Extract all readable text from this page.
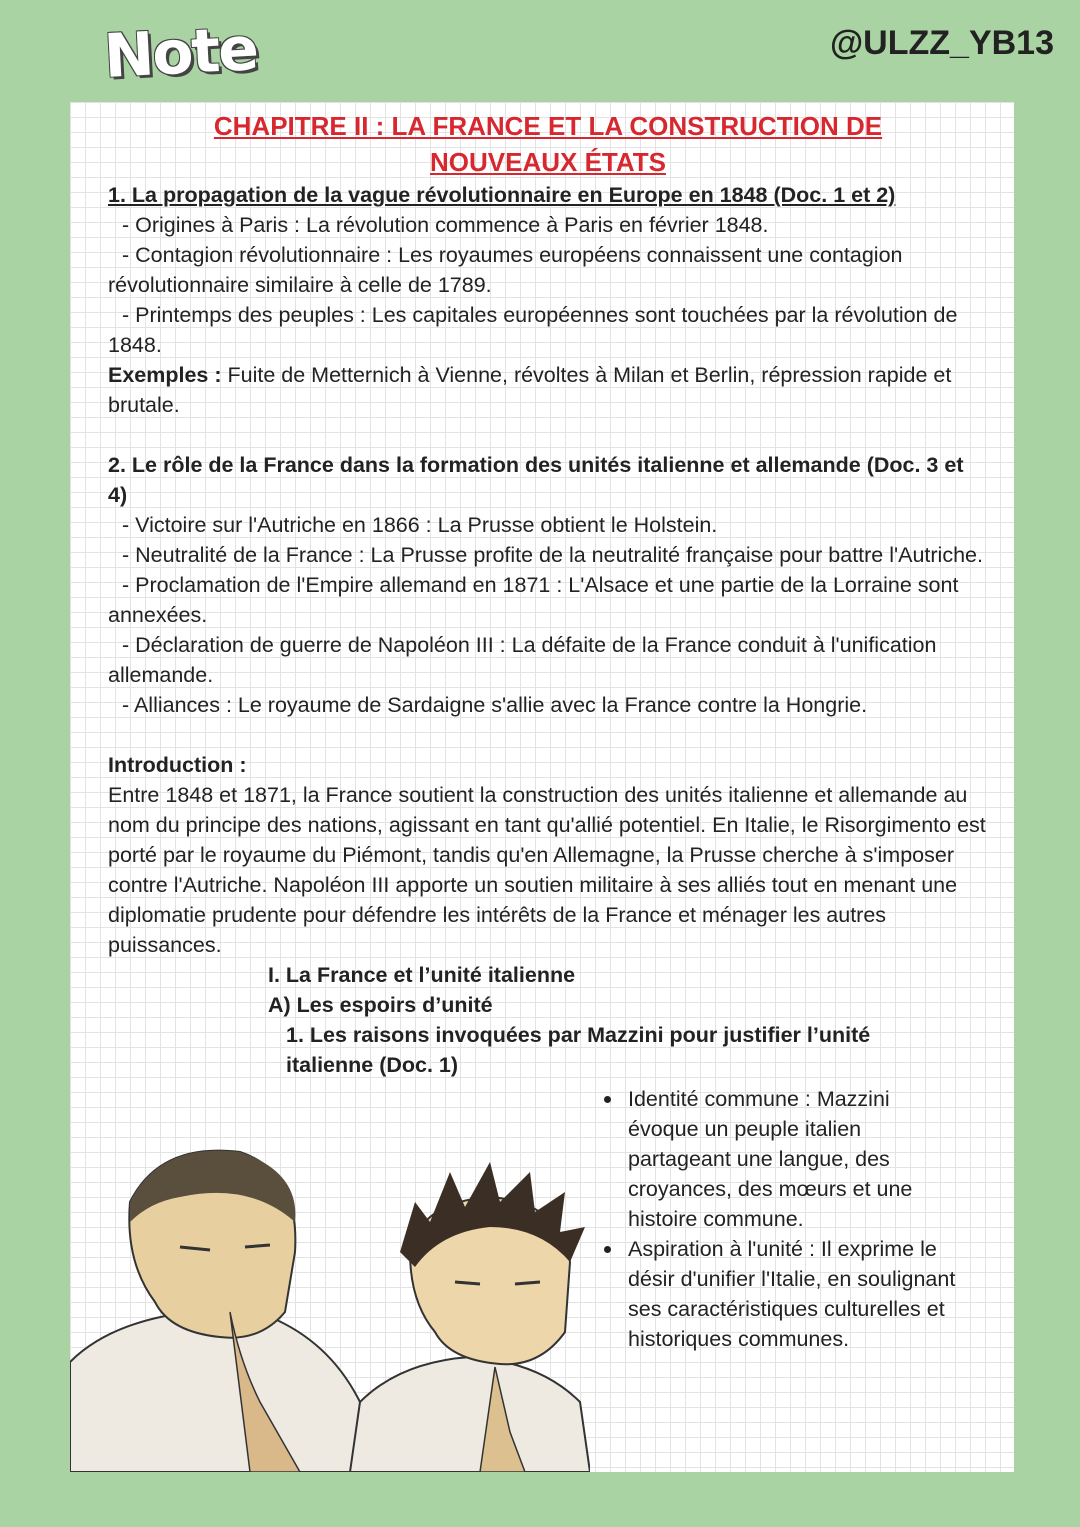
Note	@ULZZ_YB13
CHAPITRE II : LA FRANCE ET LA CONSTRUCTION DE NOUVEAUX ÉTATS

1. La propagation de la vague révolutionnaire en Europe en 1848 (Doc. 1 et 2)

- Origines à Paris : La révolution commence à Paris en février 1848.

- Contagion révolutionnaire : Les royaumes européens connaissent une contagion révolutionnaire similaire à celle de 1789.

- Printemps des peuples : Les capitales européennes sont touchées par la révolution de 1848.

Exemples : Fuite de Metternich à Vienne, révoltes à Milan et Berlin, répression rapide et brutale.

2. Le rôle de la France dans la formation des unités italienne et allemande (Doc. 3 et 4)

- Victoire sur l'Autriche en 1866 : La Prusse obtient le Holstein.

- Neutralité de la France : La Prusse profite de la neutralité française pour battre l'Autriche.

- Proclamation de l'Empire allemand en 1871 : L'Alsace et une partie de la Lorraine sont annexées.

- Déclaration de guerre de Napoléon III : La défaite de la France conduit à l'unification allemande.

- Alliances : Le royaume de Sardaigne s'allie avec la France contre la Hongrie.

Introduction :

Entre 1848 et 1871, la France soutient la construction des unités italienne et allemande au nom du principe des nations, agissant en tant qu'allié potentiel. En Italie, le Risorgimento est porté par le royaume du Piémont, tandis qu'en Allemagne, la Prusse cherche à s'imposer contre l'Autriche. Napoléon III apporte un soutien militaire à ses alliés tout en menant une diplomatie prudente pour défendre les intérêts de la France et ménager les autres puissances.

I. La France et l’unité italienne

A) Les espoirs d’unité

1. Les raisons invoquées par Mazzini pour justifier l’unité italienne (Doc. 1)

Identité commune : Mazzini évoque un peuple italien partageant une langue, des croyances, des mœurs et une histoire commune.
Aspiration à l'unité : Il exprime le désir d'unifier l'Italie, en soulignant ses caractéristiques culturelles et historiques communes.
